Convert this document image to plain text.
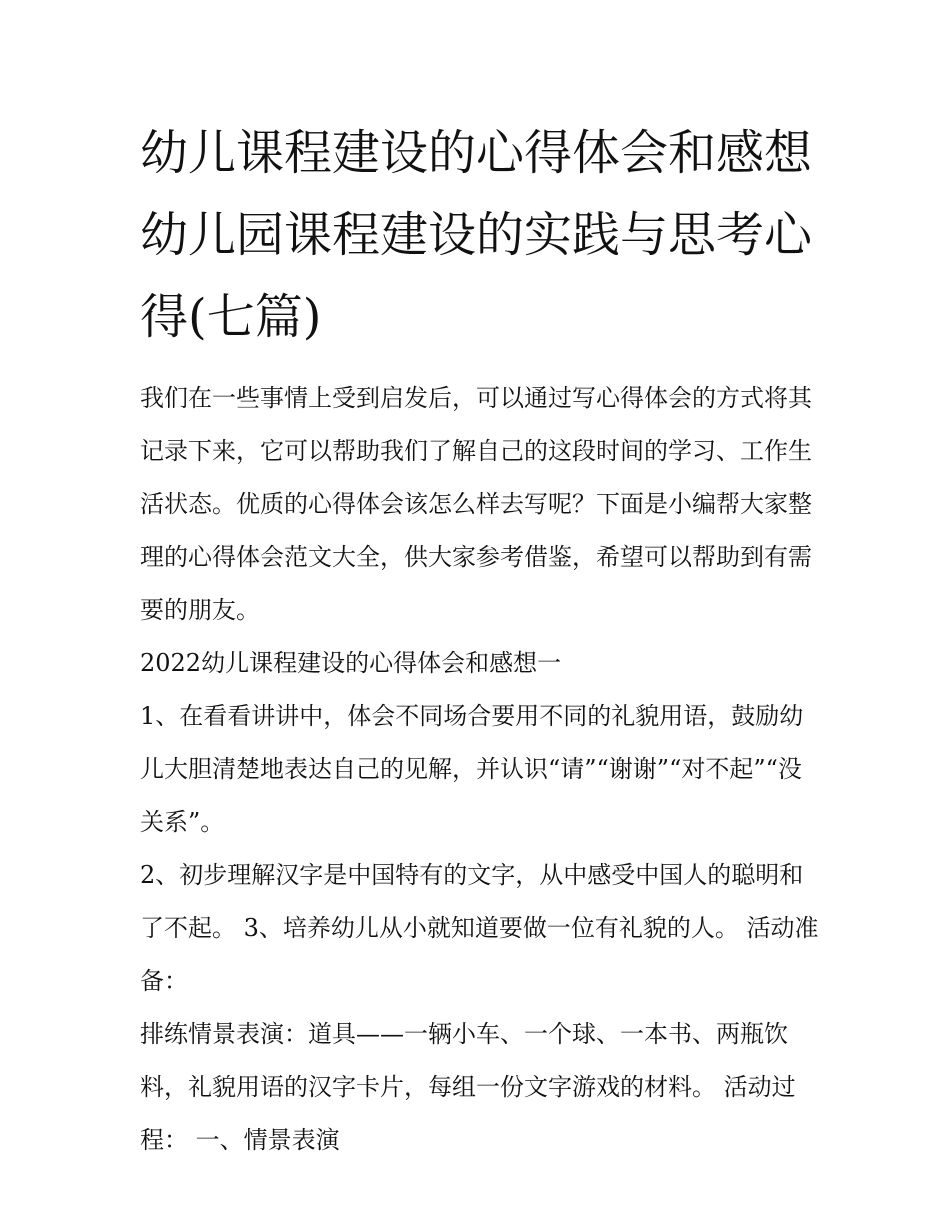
幼儿课程建设的心得体会和感想 幼儿园课程建设的实践与思考心得(七篇)

我们在一些事情上受到启发后，可以通过写心得体会的方式将其记录下来，它可以帮助我们了解自己的这段时间的学习、工作生活状态。优质的心得体会该怎么样去写呢？下面是小编帮大家整理的心得体会范文大全，供大家参考借鉴，希望可以帮助到有需要的朋友。

2022幼儿课程建设的心得体会和感想一

1、在看看讲讲中，体会不同场合要用不同的礼貌用语，鼓励幼儿大胆清楚地表达自己的见解，并认识“请”“谢谢”“对不起”“没关系”。

2、初步理解汉字是中国特有的文字，从中感受中国人的聪明和了不起。 3、培养幼儿从小就知道要做一位有礼貌的人。 活动准备：

排练情景表演：道具——一辆小车、一个球、一本书、两瓶饮料，礼貌用语的汉字卡片，每组一份文字游戏的材料。 活动过程： 一、情景表演
